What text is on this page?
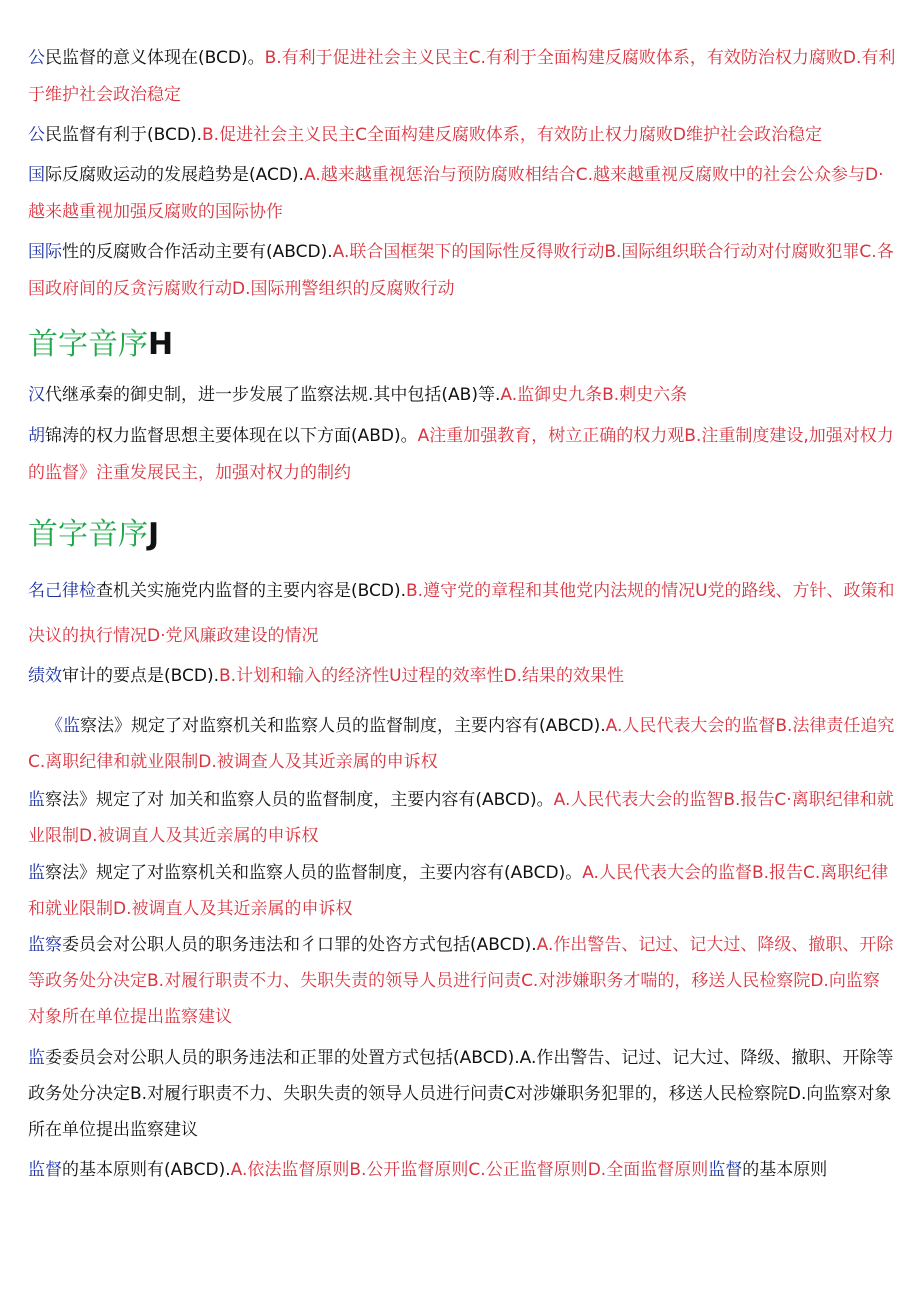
公民监督的意义体现在(BCD)。B.有利于促进社会主义民主C.有利于全面构建反腐败体系，有效防治权力腐败D.有利于维护社会政治稳定
公民监督有利于(BCD).B.促进社会主义民主C全面构建反腐败体系，有效防止权力腐败D维护社会政治稳定
国际反腐败运动的发展趋势是(ACD).A.越来越重视惩治与预防腐败相结合C.越来越重视反腐败中的社会公众参与D·越来越重视加强反腐败的国际协作
国际性的反腐败合作活动主要有(ABCD).A.联合国框架下的国际性反得败行动B.国际组织联合行动对付腐败犯罪C.各国政府间的反贪污腐败行动D.国际刑警组织的反腐败行动
首字音序H
汉代继承秦的御史制，进一步发展了监察法规.其中包括(AB)等.A.监御史九条B.刺史六条
胡锦涛的权力监督思想主要体现在以下方面(ABD)。A注重加强教育，树立正确的权力观B.注重制度建设,加强对权力的监督》注重发展民主，加强对权力的制约
首字音序J
名己律检查机关实施党内监督的主要内容是(BCD).B.遵守党的章程和其他党内法规的情况U党的路线、方针、政策和决议的执行情况D·党风廉政建设的情况
绩效审计的要点是(BCD).B.计划和输入的经济性U过程的效率性D.结果的效果性
《监察法》规定了对监察机关和监察人员的监督制度，主要内容有(ABCD).A.人民代表大会的监督B.法律责任追究C.离职纪律和就业限制D.被调查人及其近亲属的申诉权
监察法》规定了对 加关和监察人员的监督制度，主要内容有(ABCD)。A.人民代表大会的监智B.报告C·离职纪律和就业限制D.被调直人及其近亲属的申诉权
监察法》规定了对监察机关和监察人员的监督制度，主要内容有(ABCD)。A.人民代表大会的监督B.报告C.离职纪律和就业限制D.被调直人及其近亲属的申诉权
监察委员会对公职人员的职务违法和彳口罪的处咨方式包括(ABCD).A.作出警告、记过、记大过、降级、撤职、开除等政务处分决定B.对履行职责不力、失职失责的领导人员进行问责C.对涉嫌职务才喘的，移送人民检察院D.向监察对象所在单位提出监察建议
监委委员会对公职人员的职务违法和正罪的处置方式包括(ABCD).A.作出警告、记过、记大过、降级、撤职、开除等政务处分决定B.对履行职责不力、失职失责的领导人员进行问责C对涉嫌职务犯罪的，移送人民检察院D.向监察对象所在单位提出监察建议
监督的基本原则有(ABCD).A.依法监督原则B.公开监督原则C.公正监督原则D.全面监督原则监督的基本原则
